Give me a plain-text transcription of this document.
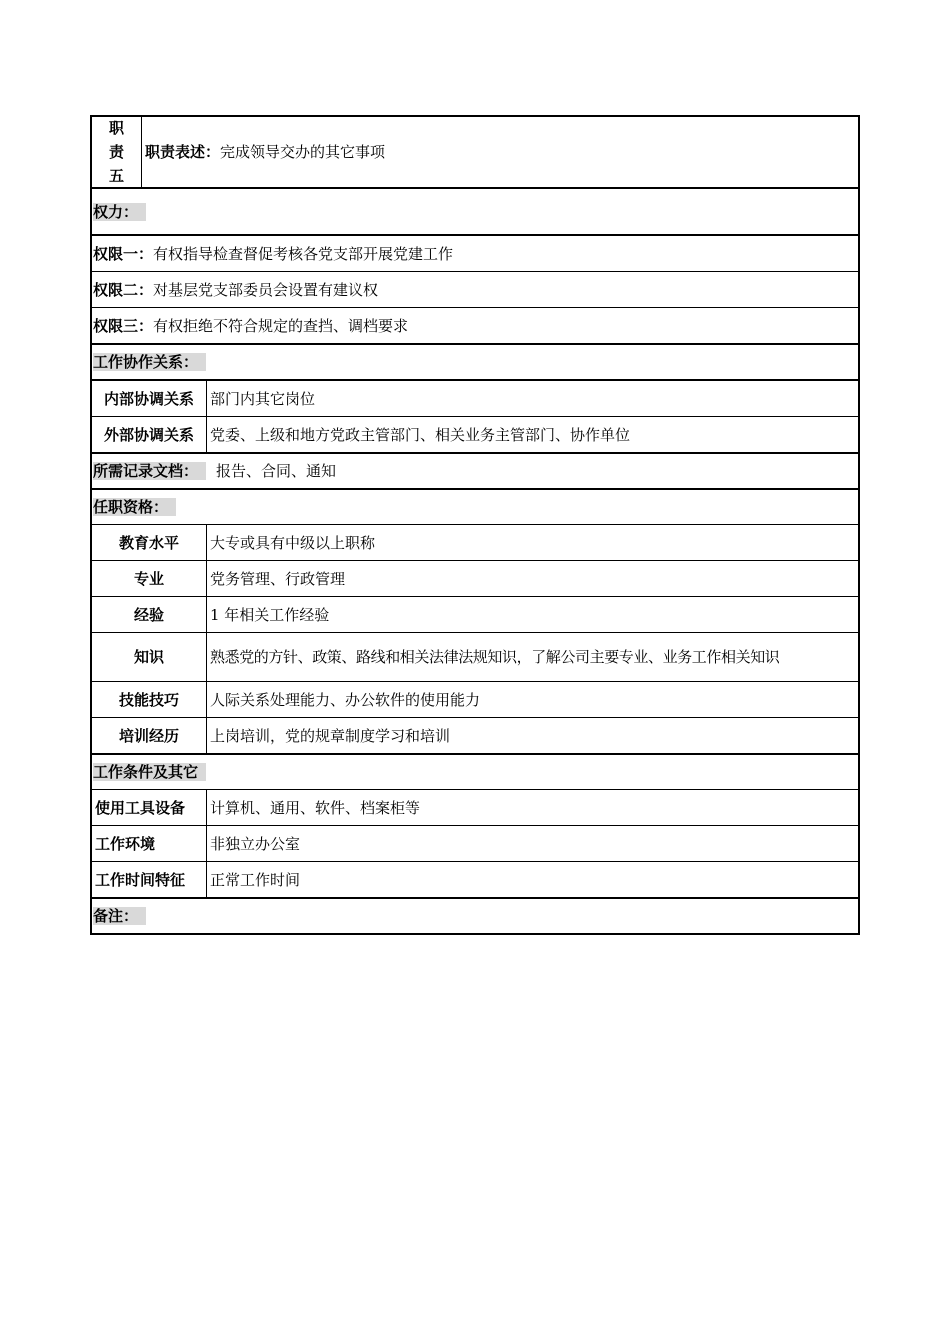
职
责
五
职责表述： 完成领导交办的其它事项
权力：
权限一： 有权指导检查督促考核各党支部开展党建工作
权限二： 对基层党支部委员会设置有建议权
权限三： 有权拒绝不符合规定的查挡、调档要求
工作协作关系：
内部协调关系	部门内其它岗位
外部协调关系	党委、上级和地方党政主管部门、相关业务主管部门、协作单位
所需记录文档：	报告、合同、通知
任职资格：
教育水平	大专或具有中级以上职称
专业	党务管理、行政管理
经验	1 年相关工作经验
知识	熟悉党的方针、政策、路线和相关法律法规知识，了解公司主要专业、业务工作相关知识
技能技巧	人际关系处理能力、办公软件的使用能力
培训经历	上岗培训，党的规章制度学习和培训
工作条件及其它
使用工具设备	计算机、通用、软件、档案柜等
工作环境	非独立办公室
工作时间特征	正常工作时间
备注：
